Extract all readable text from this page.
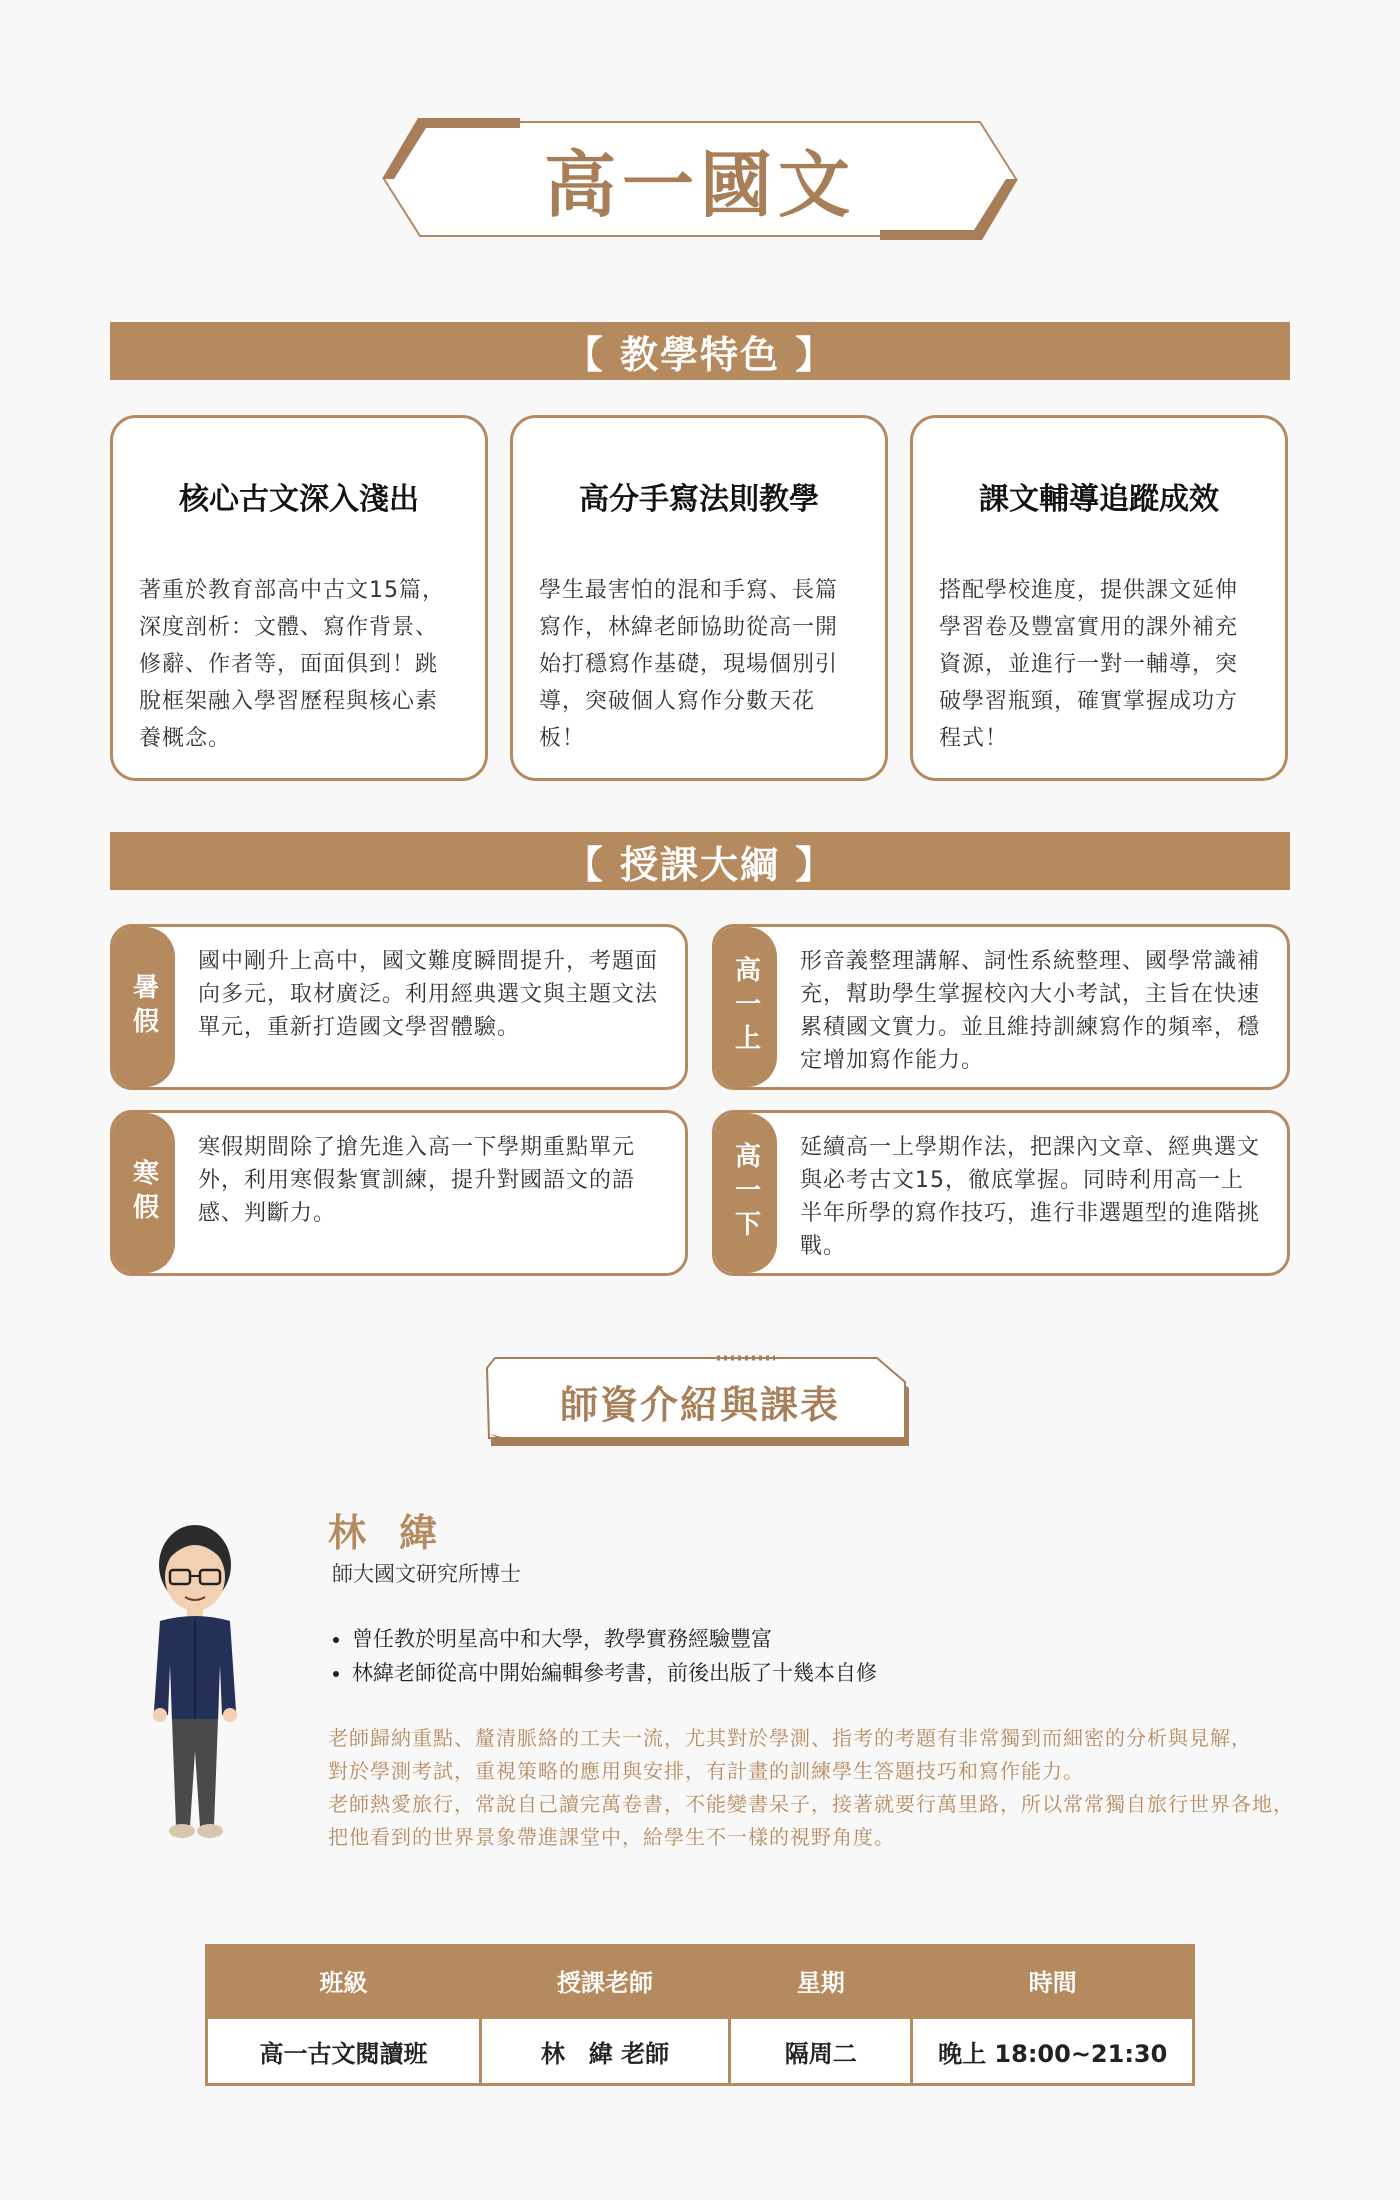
高一國文
【 教學特色 】
核心古文深入淺出
著重於教育部高中古文15篇，深度剖析：文體、寫作背景、修辭、作者等，面面俱到！跳脫框架融入學習歷程與核心素養概念。
高分手寫法則教學
學生最害怕的混和手寫、長篇寫作，林緯老師協助從高一開始打穩寫作基礎，現場個別引導，突破個人寫作分數天花板！
課文輔導追蹤成效
搭配學校進度，提供課文延伸學習卷及豐富實用的課外補充資源，並進行一對一輔導，突破學習瓶頸，確實掌握成功方程式！
【 授課大綱 】
暑假
國中剛升上高中，國文難度瞬間提升，考題面向多元，取材廣泛。利用經典選文與主題文法單元，重新打造國文學習體驗。	高一上 形音義整理講解、詞性系統整理、國學常識補充，幫助學生掌握校內大小考試，主旨在快速累積國文實力。並且維持訓練寫作的頻率，穩定增加寫作能力。
寒假
寒假期間除了搶先進入高一下學期重點單元外，利用寒假紮實訓練，提升對國語文的語感、判斷力。	高一下 延續高一上學期作法，把課內文章、經典選文與必考古文15，徹底掌握。同時利用高一上半年所學的寫作技巧，進行非選題型的進階挑戰。
師資介紹與課表
林 緯
師大國文研究所博士
• 曾任教於明星高中和大學，教學實務經驗豐富
• 林緯老師從高中開始編輯參考書，前後出版了十幾本自修
老師歸納重點、釐清脈絡的工夫一流，尤其對於學測、指考的考題有非常獨到而細密的分析與見解，
對於學測考試，重視策略的應用與安排，有計畫的訓練學生答題技巧和寫作能力。
老師熱愛旅行，常說自己讀完萬卷書，不能變書呆子，接著就要行萬里路，所以常常獨自旅行世界各地，
把他看到的世界景象帶進課堂中，給學生不一樣的視野角度。
班級	授課老師	星期	時間
高一古文閱讀班	林　緯 老師	隔周二	晚上 18:00~21:30
